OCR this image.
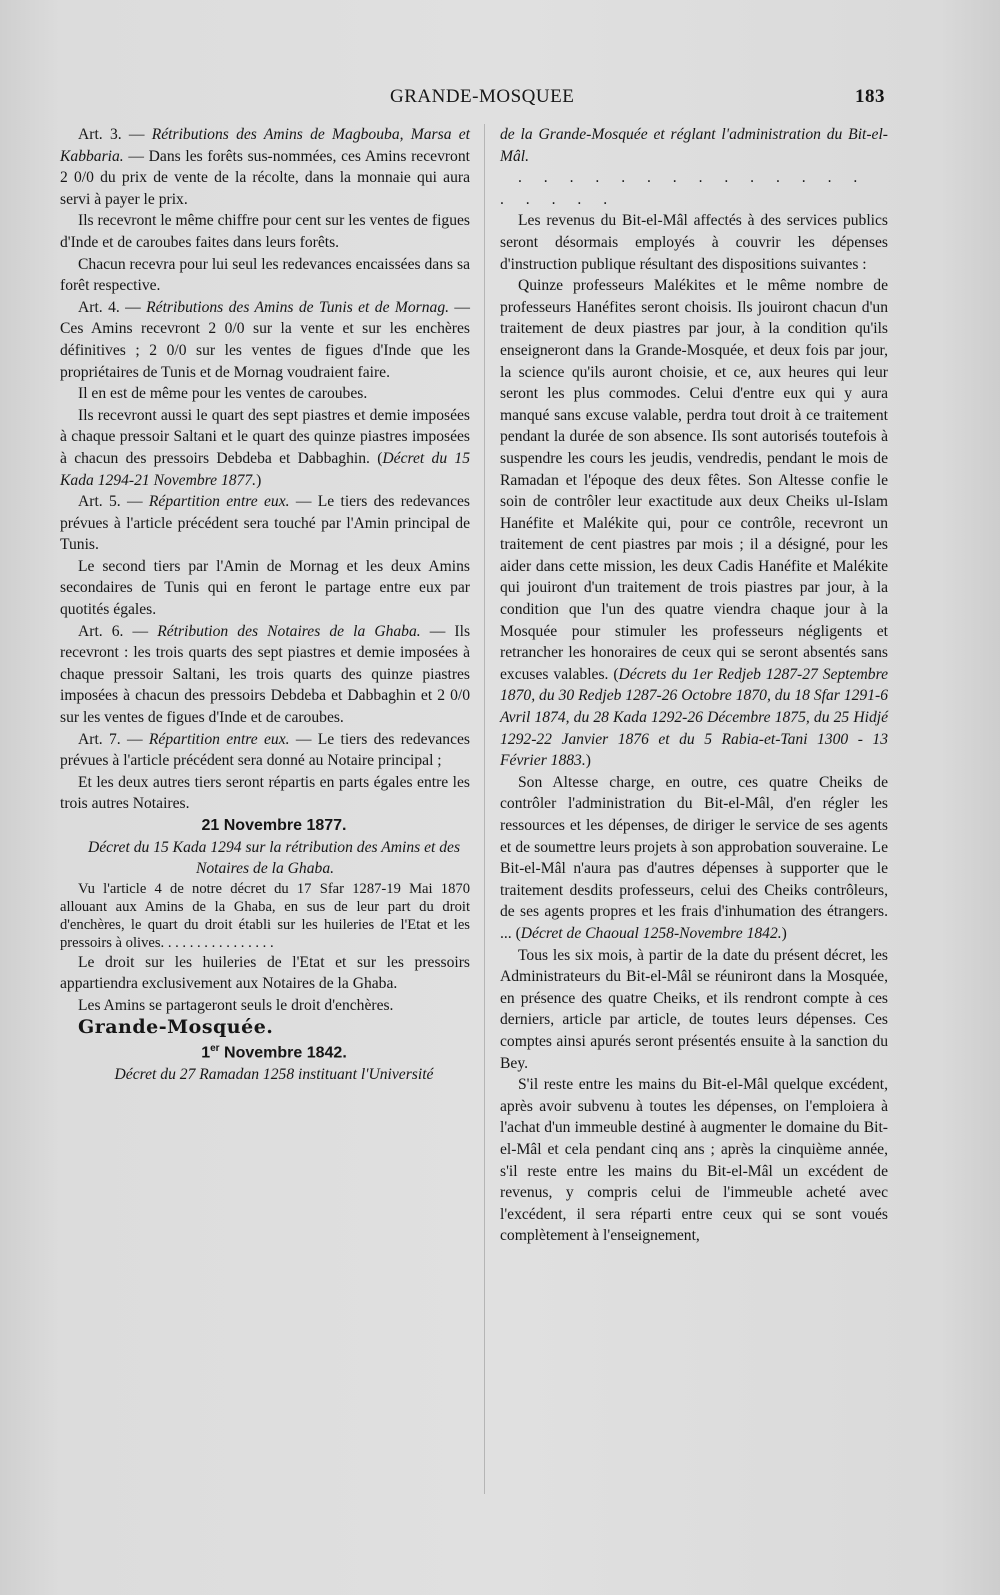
GRANDE-MOSQUEE	183

Art. 3. — Rétributions des Amins de Magbouba, Marsa et Kabbaria. — Dans les forêts sus-nommées, ces Amins recevront 2 0/0 du prix de vente de la récolte, dans la monnaie qui aura servi à payer le prix.

Ils recevront le même chiffre pour cent sur les ventes de figues d'Inde et de caroubes faites dans leurs forêts.

Chacun recevra pour lui seul les redevances encaissées dans sa forêt respective.

Art. 4. — Rétributions des Amins de Tunis et de Mornag. — Ces Amins recevront 2 0/0 sur la vente et sur les enchères définitives ; 2 0/0 sur les ventes de figues d'Inde que les propriétaires de Tunis et de Mornag voudraient faire.

Il en est de même pour les ventes de caroubes.

Ils recevront aussi le quart des sept piastres et demie imposées à chaque pressoir Saltani et le quart des quinze piastres imposées à chacun des pressoirs Debdeba et Dabbaghin. (Décret du 15 Kada 1294-21 Novembre 1877.)

Art. 5. — Répartition entre eux. — Le tiers des redevances prévues à l'article précédent sera touché par l'Amin principal de Tunis.

Le second tiers par l'Amin de Mornag et les deux Amins secondaires de Tunis qui en feront le partage entre eux par quotités égales.

Art. 6. — Rétribution des Notaires de la Ghaba. — Ils recevront : les trois quarts des sept piastres et demie imposées à chaque pressoir Saltani, les trois quarts des quinze piastres imposées à chacun des pressoirs Debdeba et Dabbaghin et 2 0/0 sur les ventes de figues d'Inde et de caroubes.

Art. 7. — Répartition entre eux. — Le tiers des redevances prévues à l'article précédent sera donné au Notaire principal ;

Et les deux autres tiers seront répartis en parts égales entre les trois autres Notaires.

21 Novembre 1877.

Décret du 15 Kada 1294 sur la rétribution des Amins et des Notaires de la Ghaba.

Vu l'article 4 de notre décret du 17 Sfar 1287-19 Mai 1870 allouant aux Amins de la Ghaba, en sus de leur part du droit d'enchères, le quart du droit établi sur les huileries de l'Etat et les pressoirs à olives. . . . . . . . . . . . . . . .

Le droit sur les huileries de l'Etat et sur les pressoirs appartiendra exclusivement aux Notaires de la Ghaba.

Les Amins se partageront seuls le droit d'enchères.

Grande-Mosquée.

1er Novembre 1842.

Décret du 27 Ramadan 1258 instituant l'Université

de la Grande-Mosquée et réglant l'administration du Bit-el-Mâl.

. . . . . . . . . . . . . . . . . . .

Les revenus du Bit-el-Mâl affectés à des services publics seront désormais employés à couvrir les dépenses d'instruction publique résultant des dispositions suivantes :

Quinze professeurs Malékites et le même nombre de professeurs Hanéfites seront choisis. Ils jouiront chacun d'un traitement de deux piastres par jour, à la condition qu'ils enseigneront dans la Grande-Mosquée, et deux fois par jour, la science qu'ils auront choisie, et ce, aux heures qui leur seront les plus commodes. Celui d'entre eux qui y aura manqué sans excuse valable, perdra tout droit à ce traitement pendant la durée de son absence. Ils sont autorisés toutefois à suspendre les cours les jeudis, vendredis, pendant le mois de Ramadan et l'époque des deux fêtes. Son Altesse confie le soin de contrôler leur exactitude aux deux Cheiks ul-Islam Hanéfite et Malékite qui, pour ce contrôle, recevront un traitement de cent piastres par mois ; il a désigné, pour les aider dans cette mission, les deux Cadis Hanéfite et Malékite qui jouiront d'un traitement de trois piastres par jour, à la condition que l'un des quatre viendra chaque jour à la Mosquée pour stimuler les professeurs négligents et retrancher les honoraires de ceux qui se seront absentés sans excuses valables. (Décrets du 1er Redjeb 1287-27 Septembre 1870, du 30 Redjeb 1287-26 Octobre 1870, du 18 Sfar 1291-6 Avril 1874, du 28 Kada 1292-26 Décembre 1875, du 25 Hidjé 1292-22 Janvier 1876 et du 5 Rabia-et-Tani 1300 - 13 Février 1883.)

Son Altesse charge, en outre, ces quatre Cheiks de contrôler l'administration du Bit-el-Mâl, d'en régler les ressources et les dépenses, de diriger le service de ses agents et de soumettre leurs projets à son approbation souveraine. Le Bit-el-Mâl n'aura pas d'autres dépenses à supporter que le traitement desdits professeurs, celui des Cheiks contrôleurs, de ses agents propres et les frais d'inhumation des étrangers. ... (Décret de Chaoual 1258-Novembre 1842.)

Tous les six mois, à partir de la date du présent décret, les Administrateurs du Bit-el-Mâl se réuniront dans la Mosquée, en présence des quatre Cheiks, et ils rendront compte à ces derniers, article par article, de toutes leurs dépenses. Ces comptes ainsi apurés seront présentés ensuite à la sanction du Bey.

S'il reste entre les mains du Bit-el-Mâl quelque excédent, après avoir subvenu à toutes les dépenses, on l'emploiera à l'achat d'un immeuble destiné à augmenter le domaine du Bit-el-Mâl et cela pendant cinq ans ; après la cinquième année, s'il reste entre les mains du Bit-el-Mâl un excédent de revenus, y compris celui de l'immeuble acheté avec l'excédent, il sera réparti entre ceux qui se sont voués complètement à l'enseignement,
